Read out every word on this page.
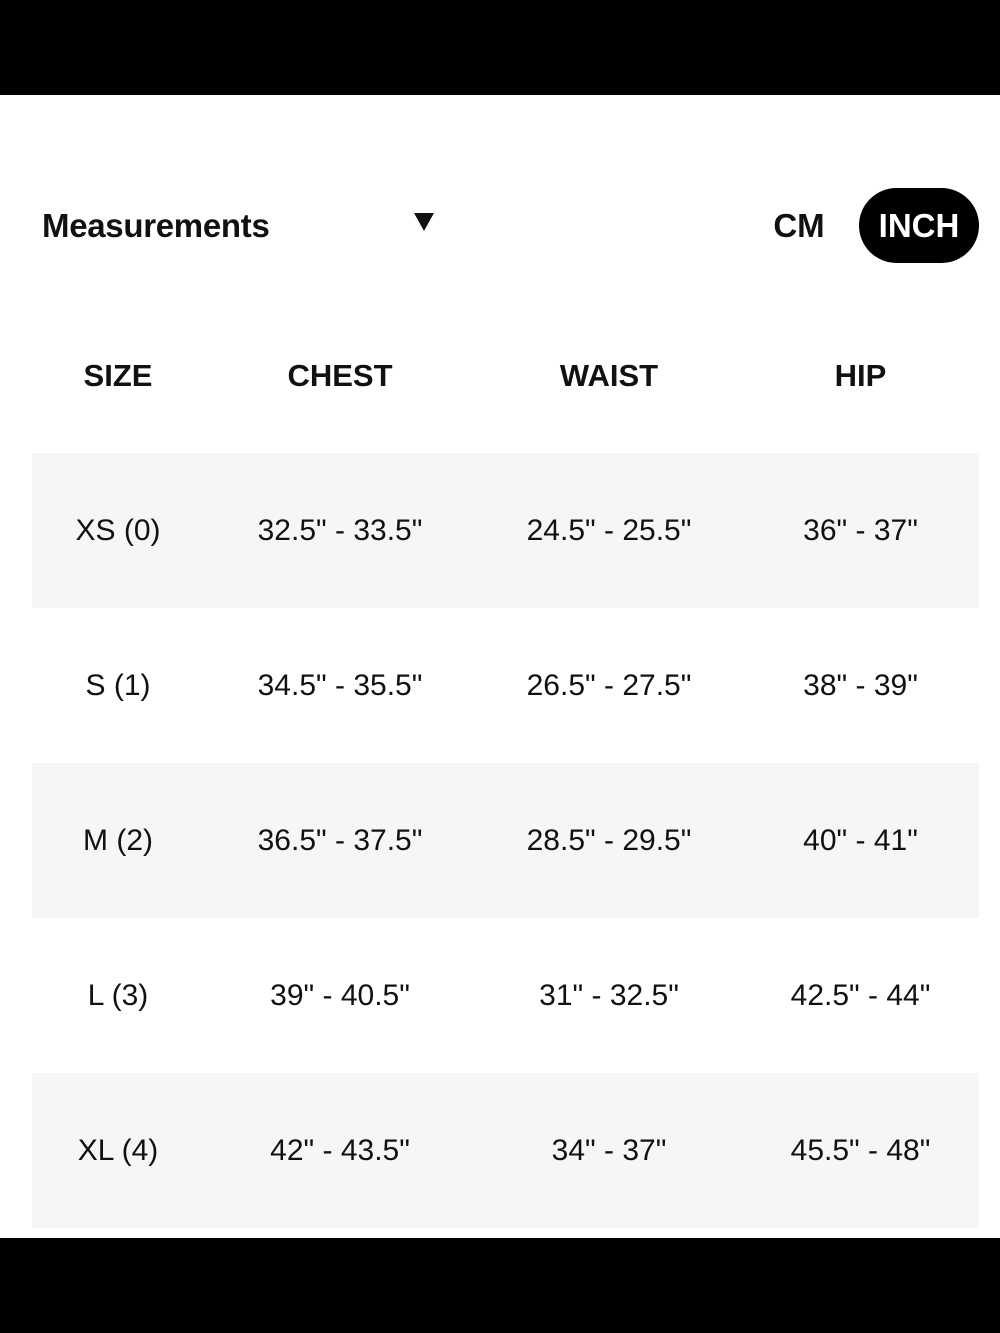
Measurements	CM	INCH
SIZE	CHEST	WAIST	HIP
XS (0)	32.5" - 33.5"	24.5" - 25.5"	36" - 37"
S (1)	34.5" - 35.5"	26.5" - 27.5"	38" - 39"
M (2)	36.5" - 37.5"	28.5" - 29.5"	40" - 41"
L (3)	39" - 40.5"	31" - 32.5"	42.5" - 44"
XL (4)	42" - 43.5"	34" - 37"	45.5" - 48"
